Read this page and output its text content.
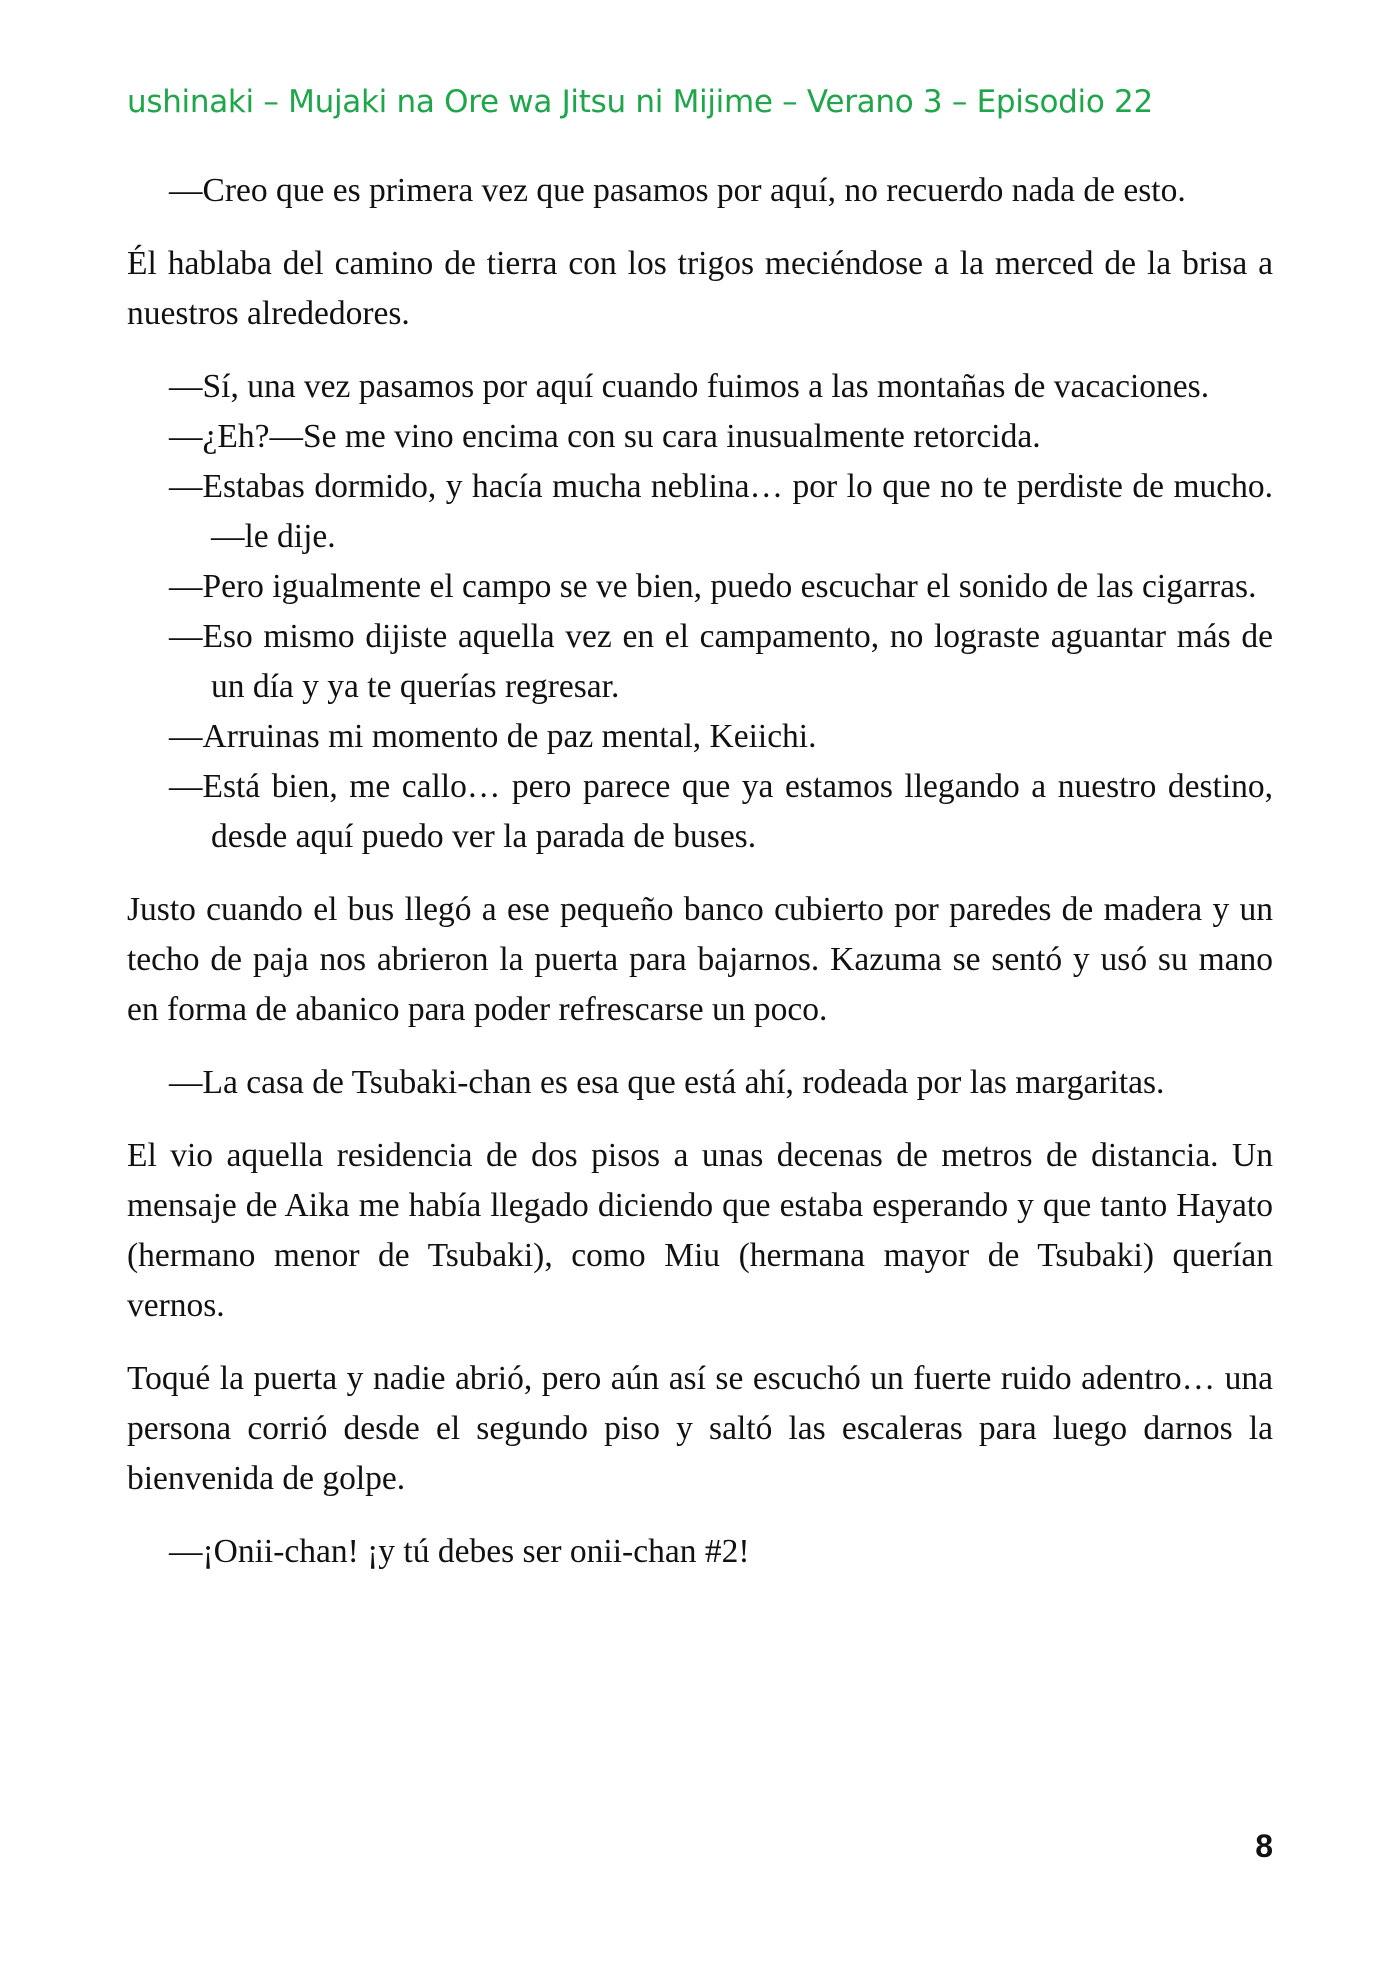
ushinaki – Mujaki na Ore wa Jitsu ni Mijime – Verano 3 – Episodio 22

—Creo que es primera vez que pasamos por aquí, no recuerdo nada de esto.

Él hablaba del camino de tierra con los trigos meciéndose a la merced de la brisa a nuestros alrededores.

—Sí, una vez pasamos por aquí cuando fuimos a las montañas de vacaciones.

—¿Eh?—Se me vino encima con su cara inusualmente retorcida.

—Estabas dormido, y hacía mucha neblina… por lo que no te perdiste de mucho. —le dije.

—Pero igualmente el campo se ve bien, puedo escuchar el sonido de las cigarras.

—Eso mismo dijiste aquella vez en el campamento, no lograste aguantar más de un día y ya te querías regresar.

—Arruinas mi momento de paz mental, Keiichi.

—Está bien, me callo… pero parece que ya estamos llegando a nuestro destino, desde aquí puedo ver la parada de buses.

Justo cuando el bus llegó a ese pequeño banco cubierto por paredes de madera y un techo de paja nos abrieron la puerta para bajarnos. Kazuma se sentó y usó su mano en forma de abanico para poder refrescarse un poco.

—La casa de Tsubaki-chan es esa que está ahí, rodeada por las margaritas.

El vio aquella residencia de dos pisos a unas decenas de metros de distancia. Un mensaje de Aika me había llegado diciendo que estaba esperando y que tanto Hayato (hermano menor de Tsubaki), como Miu (hermana mayor de Tsubaki) querían vernos.

Toqué la puerta y nadie abrió, pero aún así se escuchó un fuerte ruido adentro… una persona corrió desde el segundo piso y saltó las escaleras para luego darnos la bienvenida de golpe.

—¡Onii-chan! ¡y tú debes ser onii-chan #2!

8
